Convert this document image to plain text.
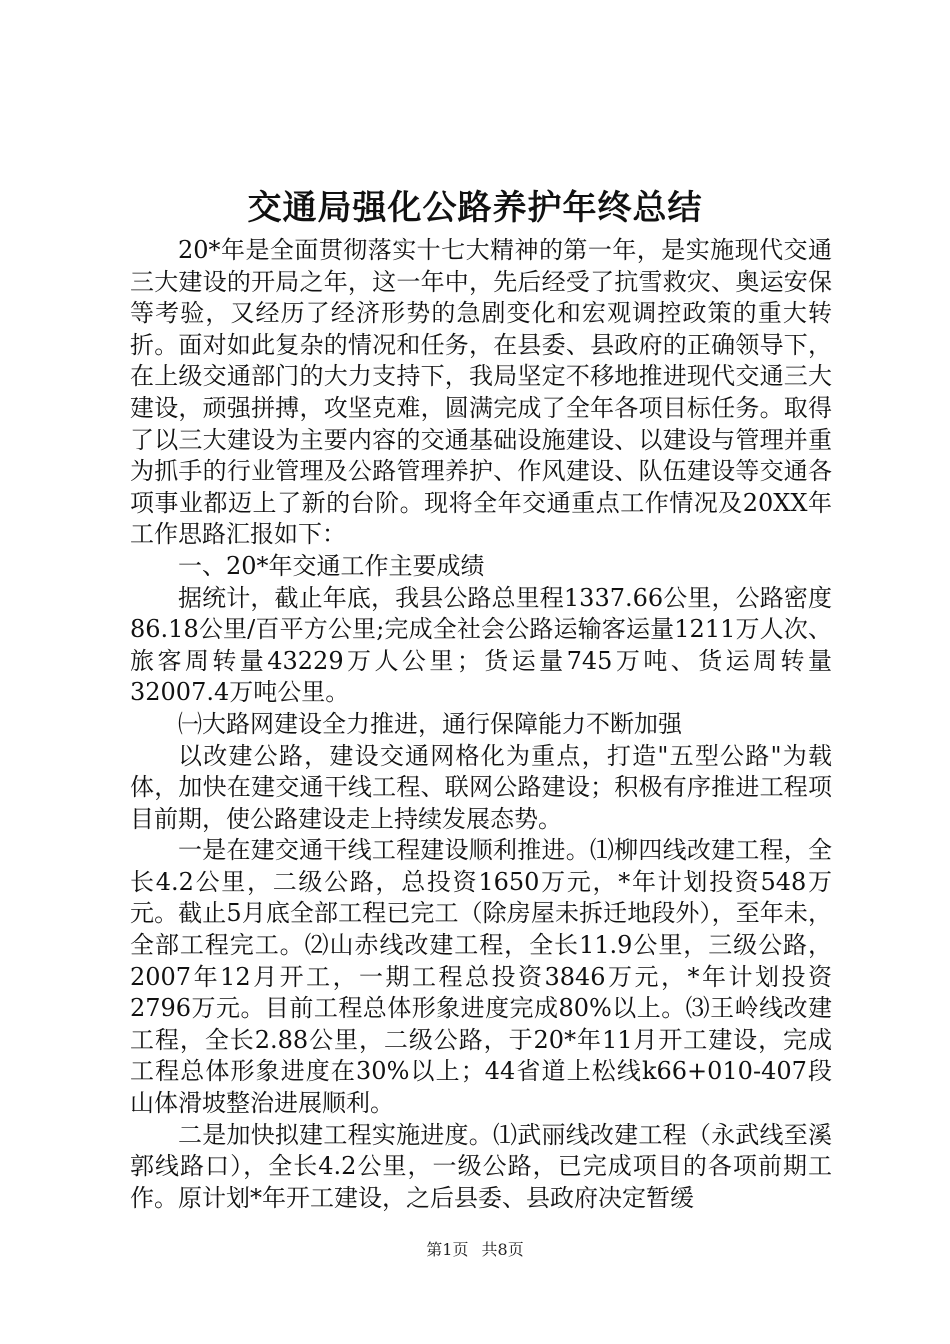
交通局强化公路养护年终总结

20*年是全面贯彻落实十七大精神的第一年，是实施现代交通三大建设的开局之年，这一年中，先后经受了抗雪救灾、奥运安保等考验，又经历了经济形势的急剧变化和宏观调控政策的重大转折。面对如此复杂的情况和任务，在县委、县政府的正确领导下，在上级交通部门的大力支持下，我局坚定不移地推进现代交通三大建设，顽强拼搏，攻坚克难，圆满完成了全年各项目标任务。取得了以三大建设为主要内容的交通基础设施建设、以建设与管理并重为抓手的行业管理及公路管理养护、作风建设、队伍建设等交通各项事业都迈上了新的台阶。现将全年交通重点工作情况及20XX年工作思路汇报如下：

一、20*年交通工作主要成绩

据统计，截止年底，我县公路总里程1337.66公里，公路密度86.18公里/百平方公里;完成全社会公路运输客运量1211万人次、旅客周转量43229万人公里；货运量745万吨、货运周转量32007.4万吨公里。

㈠大路网建设全力推进，通行保障能力不断加强

以改建公路，建设交通网格化为重点，打造"五型公路"为载体，加快在建交通干线工程、联网公路建设；积极有序推进工程项目前期，使公路建设走上持续发展态势。

一是在建交通干线工程建设顺利推进。⑴柳四线改建工程，全长4.2公里，二级公路，总投资1650万元，*年计划投资548万元。截止5月底全部工程已完工（除房屋未拆迁地段外），至年未，全部工程完工。⑵山赤线改建工程，全长11.9公里，三级公路，2007年12月开工，一期工程总投资3846万元，*年计划投资2796万元。目前工程总体形象进度完成80%以上。⑶王岭线改建工程，全长2.88公里，二级公路，于20*年11月开工建设，完成工程总体形象进度在30%以上；44省道上松线k66+010-407段山体滑坡整治进展顺利。

二是加快拟建工程实施进度。⑴武丽线改建工程（永武线至溪郭线路口），全长4.2公里，一级公路，已完成项目的各项前期工作。原计划*年开工建设，之后县委、县政府决定暂缓

第1页 共8页
